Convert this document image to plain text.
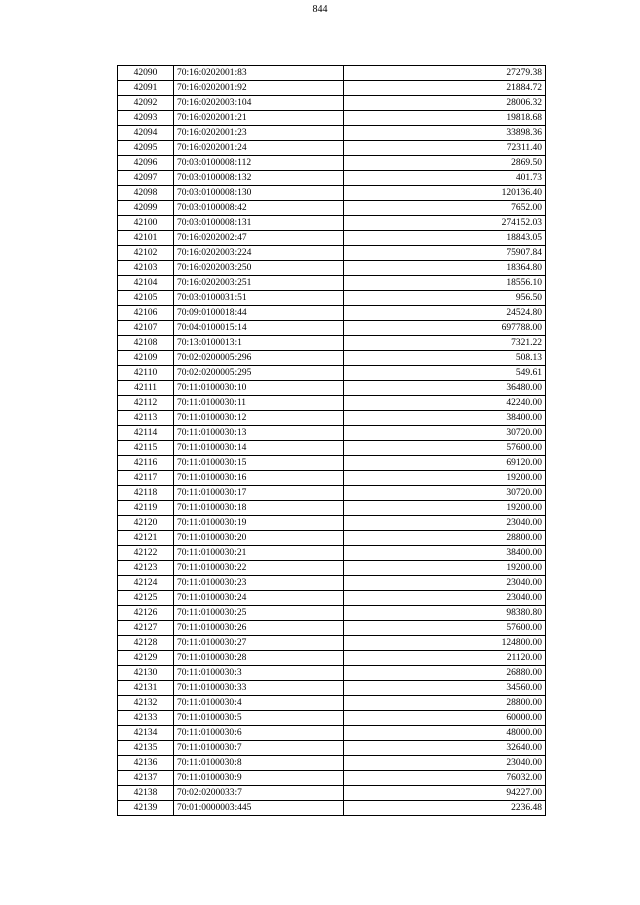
844
42090	70:16:0202001:83	27279.38
42091	70:16:0202001:92	21884.72
42092	70:16:0202003:104	28006.32
42093	70:16:0202001:21	19818.68
42094	70:16:0202001:23	33898.36
42095	70:16:0202001:24	72311.40
42096	70:03:0100008:112	2869.50
42097	70:03:0100008:132	401.73
42098	70:03:0100008:130	120136.40
42099	70:03:0100008:42	7652.00
42100	70:03:0100008:131	274152.03
42101	70:16:0202002:47	18843.05
42102	70:16:0202003:224	75907.84
42103	70:16:0202003:250	18364.80
42104	70:16:0202003:251	18556.10
42105	70:03:0100031:51	956.50
42106	70:09:0100018:44	24524.80
42107	70:04:0100015:14	697788.00
42108	70:13:0100013:1	7321.22
42109	70:02:0200005:296	508.13
42110	70:02:0200005:295	549.61
42111	70:11:0100030:10	36480.00
42112	70:11:0100030:11	42240.00
42113	70:11:0100030:12	38400.00
42114	70:11:0100030:13	30720.00
42115	70:11:0100030:14	57600.00
42116	70:11:0100030:15	69120.00
42117	70:11:0100030:16	19200.00
42118	70:11:0100030:17	30720.00
42119	70:11:0100030:18	19200.00
42120	70:11:0100030:19	23040.00
42121	70:11:0100030:20	28800.00
42122	70:11:0100030:21	38400.00
42123	70:11:0100030:22	19200.00
42124	70:11:0100030:23	23040.00
42125	70:11:0100030:24	23040.00
42126	70:11:0100030:25	98380.80
42127	70:11:0100030:26	57600.00
42128	70:11:0100030:27	124800.00
42129	70:11:0100030:28	21120.00
42130	70:11:0100030:3	26880.00
42131	70:11:0100030:33	34560.00
42132	70:11:0100030:4	28800.00
42133	70:11:0100030:5	60000.00
42134	70:11:0100030:6	48000.00
42135	70:11:0100030:7	32640.00
42136	70:11:0100030:8	23040.00
42137	70:11:0100030:9	76032.00
42138	70:02:0200033:7	94227.00
42139	70:01:0000003:445	2236.48
